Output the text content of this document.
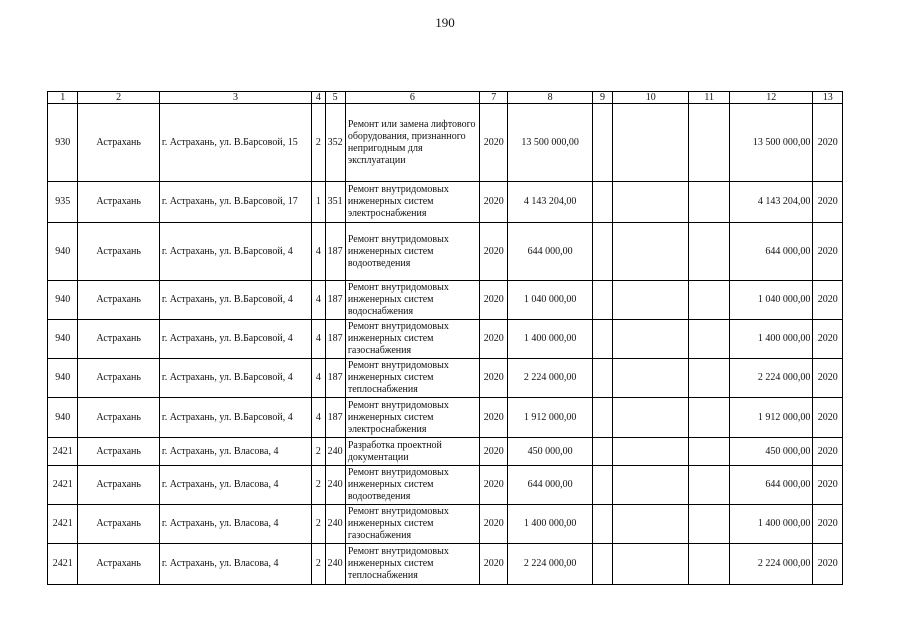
190
1	2	3	4	5	6	7	8	9	10	11	12	13
930	Астрахань	г. Астрахань, ул. В.Барсовой, 15	2	352	Ремонт или замена лифтового оборудования, признанного непригодным для эксплуатации	2020	13 500 000,00				13 500 000,00	2020
935	Астрахань	г. Астрахань, ул. В.Барсовой, 17	1	351	Ремонт внутридомовых инженерных систем электроснабжения	2020	4 143 204,00				4 143 204,00	2020
940	Астрахань	г. Астрахань, ул. В.Барсовой, 4	4	187	Ремонт внутридомовых инженерных систем водоотведения	2020	644 000,00				644 000,00	2020
940	Астрахань	г. Астрахань, ул. В.Барсовой, 4	4	187	Ремонт внутридомовых инженерных систем водоснабжения	2020	1 040 000,00				1 040 000,00	2020
940	Астрахань	г. Астрахань, ул. В.Барсовой, 4	4	187	Ремонт внутридомовых инженерных систем газоснабжения	2020	1 400 000,00				1 400 000,00	2020
940	Астрахань	г. Астрахань, ул. В.Барсовой, 4	4	187	Ремонт внутридомовых инженерных систем теплоснабжения	2020	2 224 000,00				2 224 000,00	2020
940	Астрахань	г. Астрахань, ул. В.Барсовой, 4	4	187	Ремонт внутридомовых инженерных систем электроснабжения	2020	1 912 000,00				1 912 000,00	2020
2421	Астрахань	г. Астрахань, ул. Власова, 4	2	240	Разработка проектной документации	2020	450 000,00				450 000,00	2020
2421	Астрахань	г. Астрахань, ул. Власова, 4	2	240	Ремонт внутридомовых инженерных систем водоотведения	2020	644 000,00				644 000,00	2020
2421	Астрахань	г. Астрахань, ул. Власова, 4	2	240	Ремонт внутридомовых инженерных систем газоснабжения	2020	1 400 000,00				1 400 000,00	2020
2421	Астрахань	г. Астрахань, ул. Власова, 4	2	240	Ремонт внутридомовых инженерных систем теплоснабжения	2020	2 224 000,00				2 224 000,00	2020
